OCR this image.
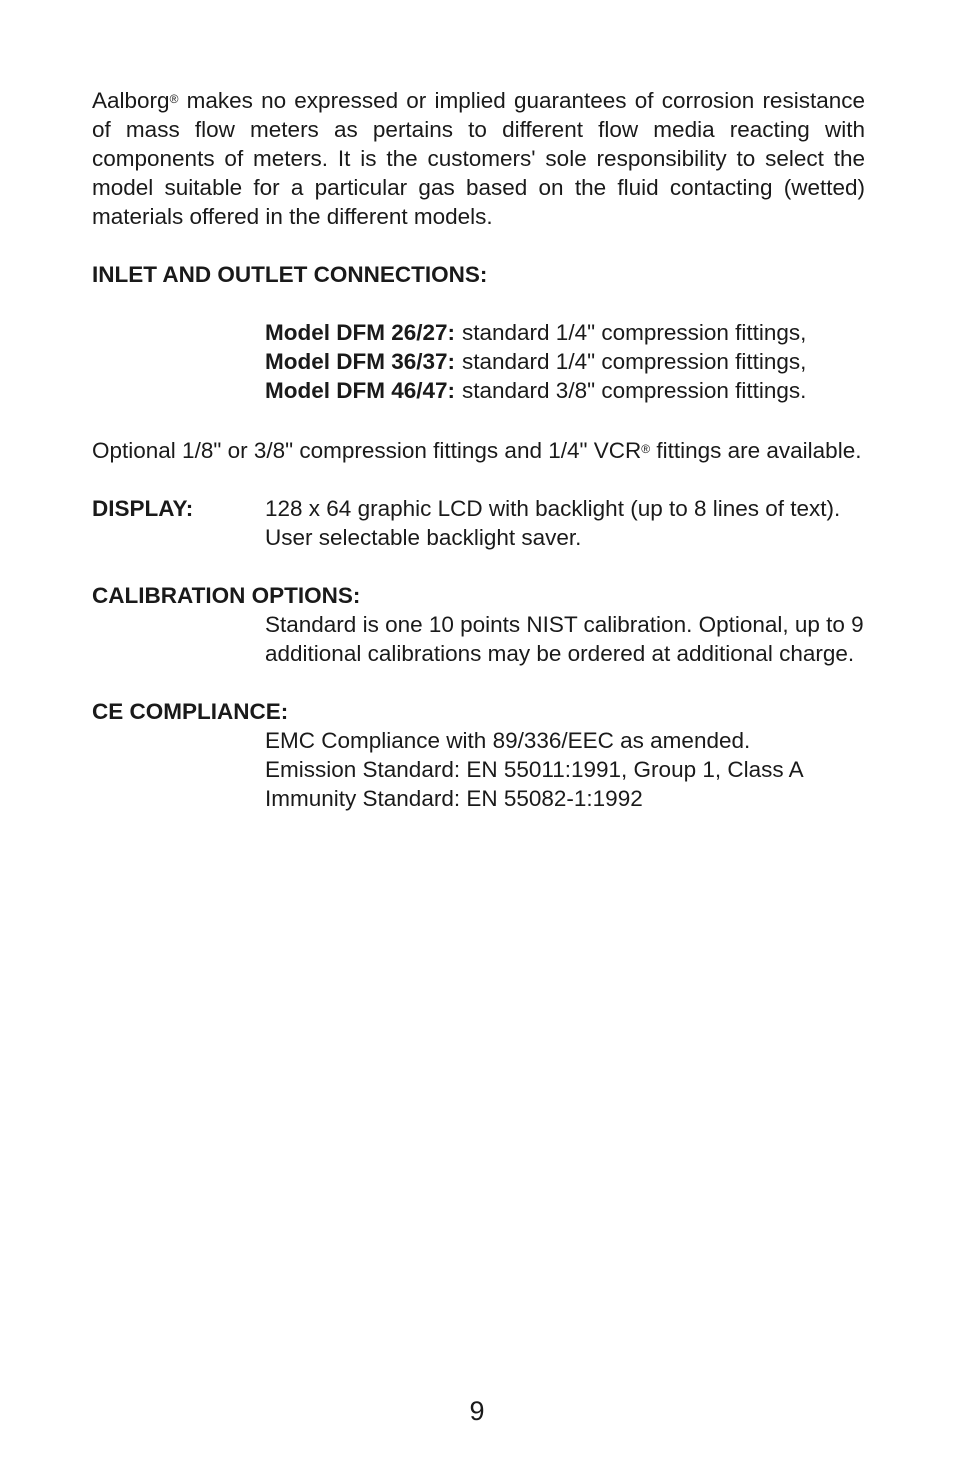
Aalborg® makes no expressed or implied guarantees of corrosion resistance of mass flow meters as pertains to different flow media reacting with components of meters. It is the customers' sole responsibility to select the model suitable for a particular gas based on the fluid contacting (wetted) materials offered in the different models.

INLET AND OUTLET CONNECTIONS:

Model DFM 26/27: standard 1/4" compression fittings,
Model DFM 36/37: standard 1/4" compression fittings,
Model DFM 46/47: standard 3/8" compression fittings.

Optional 1/8" or 3/8" compression fittings and 1/4" VCR® fittings are available.

DISPLAY:	128 x 64 graphic LCD with backlight (up to 8 lines of text).
User selectable backlight saver.

CALIBRATION OPTIONS:

Standard is one 10 points NIST calibration. Optional, up to 9
additional calibrations may be ordered at additional charge.

CE COMPLIANCE:

EMC Compliance with 89/336/EEC as amended.
Emission Standard: EN 55011:1991, Group 1, Class A
Immunity Standard: EN 55082-1:1992
9
